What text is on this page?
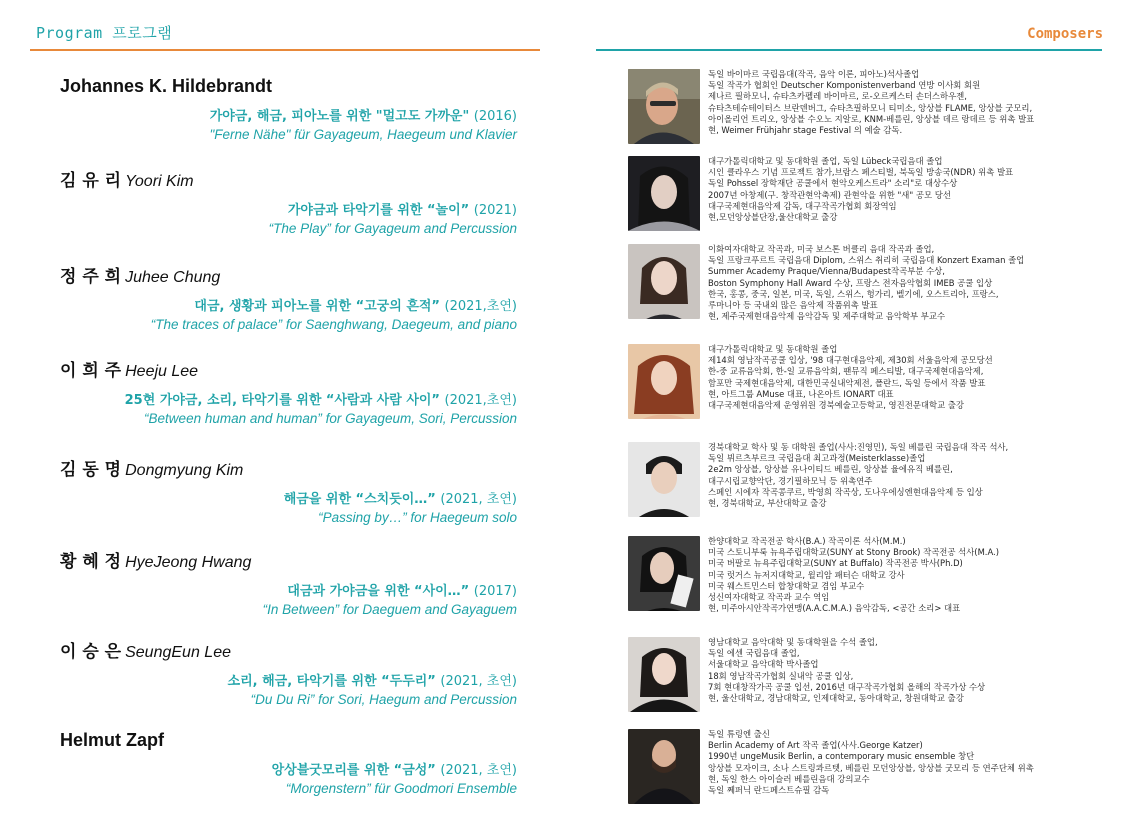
Program 프로그램	Composers
Johannes K. Hildebrandt
가야금, 해금, 피아노를 위한 "멀고도 가까운" (2016)
"Ferne Nähe" für Gayageum, Haegeum und Klavier
김 유 리 Yoori Kim
가야금과 타악기를 위한 “놀이” (2021)
“The Play” for Gayageum and Percussion
정 주 희 Juhee Chung
대금, 생황과 피아노를 위한 “고궁의 흔적” (2021,초연)
“The traces of palace” for Saenghwang, Daegeum, and piano
이 희 주 Heeju Lee
25현 가야금, 소리, 타악기를 위한 “사람과 사람 사이” (2021,초연)
“Between human and human” for Gayageum, Sori, Percussion
김 동 명 Dongmyung Kim
해금을 위한 “스치듯이…” (2021, 초연)
“Passing by…” for Haegeum solo
황 혜 정 HyeJeong Hwang
대금과 가야금을 위한 “사이…” (2017)
“In Between” for Daeguem and Gayaguem
이 승 은 SeungEun Lee
소리, 해금, 타악기를 위한 “두두리” (2021, 초연)
“Du Du Ri” for Sori, Haegum and Percussion
Helmut Zapf
앙상블굿모리를 위한 “금성” (2021, 초연)
“Morgenstern” für Goodmori Ensemble
독일 바이마르 국립음대(작곡, 음악 이론, 피아노)석사졸업
독일 작곡가 협회인 Deutscher Komponistenverband 연방 이사회 회원
제나르 필하모니, 슈타츠카펠레 바이마르, 로-오르케스터 손더스하우젠,
슈타츠테슈테이터스 브란덴버그, 슈타츠필하모니 티미소, 앙상블 FLAME, 앙상블 굿모리,
아이올리언 트리오, 앙상블 수오노 지알로, KNM-베를린, 앙상블 데르 랑데르 등 위촉 발표
현, Weimer Frühjahr stage Festival 의 예술 감독.
대구가톨릭대학교 및 동대학원 졸업, 독일 Lübeck국립음대 졸업
시인 클라우스 기념 프로젝트 참가,브람스 페스티벌, 북독일 방송국(NDR) 위촉 발표
독일 Pohssel 장학재단 공쿨에서 현악오케스트라" 소리"로 대상수상
2007년 아창제(구. 창작관현악축제) 관현악을 위한 "새" 공모 당선
대구국제현대음악제 감독, 대구작곡가협회 회장역임
현,모던앙상블단장,울산대학교 출강
이화여자대학교 작곡과, 미국 보스톤 버클리 음대 작곡과 졸업,
독일 프랑크푸르트 국립음대 Diplom, 스위스 취리히 국립음대 Konzert Examan 졸업
Summer Academy Praque/Vienna/Budapest작곡부분 수상,
Boston Symphony Hall Award 수상, 프랑스 전자음악협회 IMEB 공쿨 입상
한국, 홍콩, 중국, 일본, 미국, 독일, 스위스, 헝가리, 벨기에, 오스트리아, 프랑스,
루마니아 등 국내외 많은 음악제 작품위촉 발표
현, 제주국제현대음악제 음악감독 및 제주대학교 음악학부 부교수
대구가톨릭대학교 및 동대학원 졸업
제14회 영남작곡공쿨 입상, '98 대구현대음악제, 제30회 서울음악제 공모당선
한-중 교류음악회, 한-일 교류음악회, 팬뮤직 페스티발, 대구국제현대음악제,
함포만 국제현대음악제, 대한민국실내악제전, 폴란드, 독일 등에서 작품 발표
현, 아트그룹 AMuse 대표, 나온아트 IONART 대표
대구국제현대음악제 운영위원 경북예술고등학교, 영진전문대학교 출강
경북대학교 학사 및 동 대학원 졸업(사사:진영민), 독일 베를린 국립음대 작곡 석사,
독일 뷔르츠부르크 국립음대 최고과정(Meisterklasse)졸업
2e2m 앙상블, 앙상블 유나이티드 베를린, 앙상블 율에유직 베를린,
대구시립교향악단, 경기필하모닉 등 위촉연주
스페인 시에자 작곡콩쿠르, 박영희 작곡상, 도나우에싱엔현대음악제 등 입상
현, 경북대학교, 부산대학교 출강
한양대학교 작곡전공 학사(B.A.) 작곡이론 석사(M.M.)
미국 스토니부룩 뉴욕주립대학교(SUNY at Stony Brook) 작곡전공 석사(M.A.)
미국 버팔로 뉴욕주립대학교(SUNY at Buffalo) 작곡전공 박사(Ph.D)
미국 럿거스 뉴저지대학교, 윌리암 패터슨 대학교 강사
미국 웨스트민스터 합창대학교 겸임 부교수
성신여자대학교 작곡과 교수 역임
현, 미주아시안작곡가연맹(A.A.C.M.A.) 음악감독, <공간 소리> 대표
영남대학교 음악대학 및 동대학원을 수석 졸업,
독일 에센 국립음대 졸업,
서울대학교 음악대학 박사졸업
18회 영남작곡가협회 실내악 공쿨 입상,
7회 현대창작가곡 공쿨 입선, 2016년 대구작곡가협회 올해의 작곡가상 수상
현, 울산대학교, 경남대학교, 인제대학교, 동아대학교, 창원대학교 출강
독일 튜링엔 출신
Berlin Academy of Art 작곡 졸업(사사.George Katzer)
1990년 ungeMusik Berlin, a contemporary music ensemble 창단
앙상블 모자이크, 소나 스트링콰르텟, 베를린 모던앙상블, 앙상블 굿모리 등 연주단체 위촉
현, 독일 한스 아이슬러 베를린음대 강의교수
독일 쩨퍼닉 란드페스트슈필 감독
